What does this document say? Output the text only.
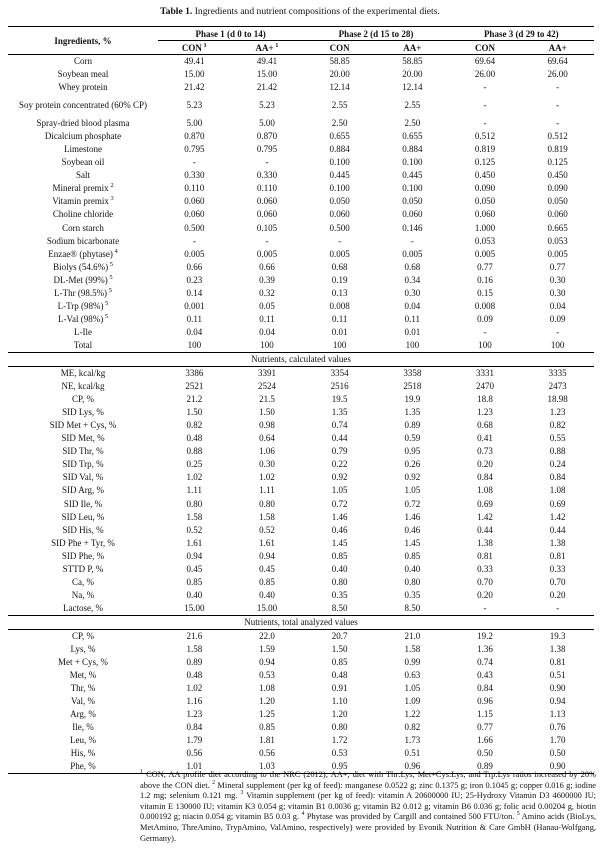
Table 1. Ingredients and nutrient compositions of the experimental diets.
Ingredients, %	Phase 1 (d 0 to 14)		Phase 2 (d 15 to 28)		Phase 3 (d 29 to 42)	
	CON $^1$	AA+ $^1$	CON	AA+	CON	AA+
Corn	49.41	49.41	58.85	58.85	69.64	69.64
Soybean meal	15.00	15.00	20.00	20.00	26.00	26.00
Whey protein	21.42	21.42	12.14	12.14	-	-
Soy protein concentrated (60% CP)	5.23	5.23	2.55	2.55	-	-
Spray-dried blood plasma	5.00	5.00	2.50	2.50	-	-
Dicalcium phosphate	0.870	0.870	0.655	0.655	0.512	0.512
Limestone	0.795	0.795	0.884	0.884	0.819	0.819
Soybean oil	-	-	0.100	0.100	0.125	0.125
Salt	0.330	0.330	0.445	0.445	0.450	0.450
Mineral premix $^2$	0.110	0.110	0.100	0.100	0.090	0.090
Vitamin premix $^3$	0.060	0.060	0.050	0.050	0.050	0.050
Choline chloride	0.060	0.060	0.060	0.060	0.060	0.060
Corn starch	0.500	0.105	0.500	0.146	1.000	0.665
Sodium bicarbonate	-	-	-	-	0.053	0.053
Enzae® (phytase) $^4$	0.005	0.005	0.005	0.005	0.005	0.005
Biolys (54.6%) $^5$	0.66	0.66	0.68	0.68	0.77	0.77
DL-Met (99%) $^5$	0.23	0.39	0.19	0.34	0.16	0.30
L-Thr (98.5%) $^5$	0.14	0.32	0.13	0.30	0.15	0.30
L-Trp (98%) $^5$	0.001	0.05	0.008	0.04	0.008	0.04
L-Val (98%) $^5$	0.11	0.11	0.11	0.11	0.09	0.09
L-Ile	0.04	0.04	0.01	0.01	-	-
Total	100	100	100	100	100	100
Nutrients, calculated values						
ME, kcal/kg	3386	3391	3354	3358	3331	3335
NE, kcal/kg	2521	2524	2516	2518	2470	2473
CP, %	21.2	21.5	19.5	19.9	18.8	18.98
SID Lys, %	1.50	1.50	1.35	1.35	1.23	1.23
SID Met + Cys, %	0.82	0.98	0.74	0.89	0.68	0.82
SID Met, %	0.48	0.64	0.44	0.59	0.41	0.55
SID Thr, %	0.88	1.06	0.79	0.95	0.73	0.88
SID Trp, %	0.25	0.30	0.22	0.26	0.20	0.24
SID Val, %	1.02	1.02	0.92	0.92	0.84	0.84
SID Arg, %	1.11	1.11	1.05	1.05	1.08	1.08
SID Ile, %	0.80	0.80	0.72	0.72	0.69	0.69
SID Leu, %	1.58	1.58	1.46	1.46	1.42	1.42
SID His, %	0.52	0.52	0.46	0.46	0.44	0.44
SID Phe + Tyr, %	1.61	1.61	1.45	1.45	1.38	1.38
SID Phe, %	0.94	0.94	0.85	0.85	0.81	0.81
STTD P, %	0.45	0.45	0.40	0.40	0.33	0.33
Ca, %	0.85	0.85	0.80	0.80	0.70	0.70
Na, %	0.40	0.40	0.35	0.35	0.20	0.20
Lactose, %	15.00	15.00	8.50	8.50	-	-
Nutrients, total analyzed values						
CP, %	21.6	22.0	20.7	21.0	19.2	19.3
Lys, %	1.58	1.59	1.50	1.58	1.36	1.38
Met + Cys, %	0.89	0.94	0.85	0.99	0.74	0.81
Met, %	0.48	0.53	0.48	0.63	0.43	0.51
Thr, %	1.02	1.08	0.91	1.05	0.84	0.90
Val, %	1.16	1.20	1.10	1.09	0.96	0.94
Arg, %	1.23	1.25	1.20	1.22	1.15	1.13
Ile, %	0.84	0.85	0.80	0.82	0.77	0.76
Leu, %	1.79	1.81	1.72	1.73	1.66	1.70
His, %	0.56	0.56	0.53	0.51	0.50	0.50
Phe, %	1.01	1.03	0.95	0.96	0.89	0.90
$^1$ CON, AA profile diet according to the NRC (2012); AA+, diet with Thr:Lys, Met+Cys:Lys, and Trp:Lys ratios increased by 20% above the CON diet. $^2$ Mineral supplement (per kg of feed): manganese 0.0522 g; zinc 0.1375 g; iron 0.1045 g; copper 0.016 g; iodine 1.2 mg; selenium 0.121 mg. $^3$ Vitamin supplement (per kg of feed): vitamin A 20600000 IU; 25-Hydroxy Vitamin D3 4600000 IU; vitamin E 130000 IU; vitamin K3 0.054 g; vitamin B1 0.0036 g; vitamin B2 0.012 g; vitamin B6 0.036 g; folic acid 0.00204 g, biotin 0.000192 g; niacin 0.054 g; vitamin B5 0.03 g. $^4$ Phytase was provided by Cargill and contained 500 FTU/ton. $^5$ Amino acids (BioLys, MetAmino, ThreAmino, TrypAmino, ValAmino, respectively) were provided by Evonik Nutrition & Care GmbH (Hanau-Wolfgang, Germany).
